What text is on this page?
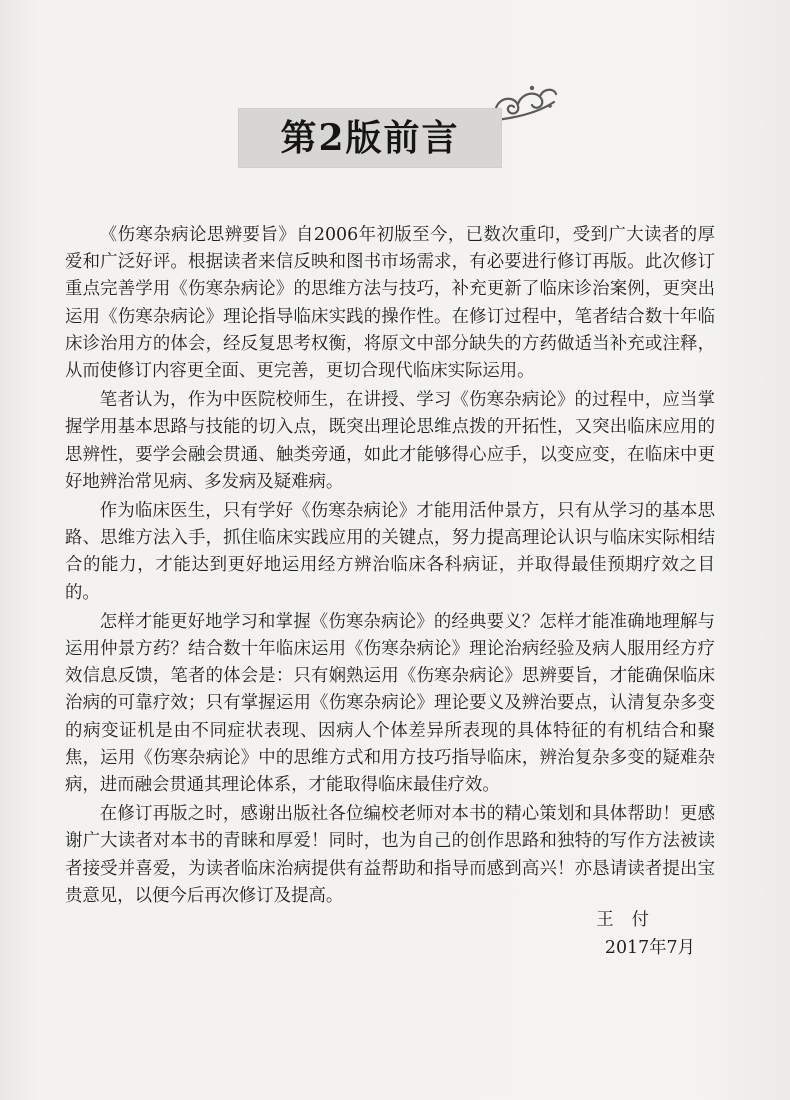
第2版前言

《伤寒杂病论思辨要旨》自2006年初版至今，已数次重印，受到广大读者的厚爱和广泛好评。根据读者来信反映和图书市场需求，有必要进行修订再版。此次修订重点完善学用《伤寒杂病论》的思维方法与技巧，补充更新了临床诊治案例，更突出运用《伤寒杂病论》理论指导临床实践的操作性。在修订过程中，笔者结合数十年临床诊治用方的体会，经反复思考权衡，将原文中部分缺失的方药做适当补充或注释，从而使修订内容更全面、更完善，更切合现代临床实际运用。

笔者认为，作为中医院校师生，在讲授、学习《伤寒杂病论》的过程中，应当掌握学用基本思路与技能的切入点，既突出理论思维点拨的开拓性，又突出临床应用的思辨性，要学会融会贯通、触类旁通，如此才能够得心应手，以变应变，在临床中更好地辨治常见病、多发病及疑难病。

作为临床医生，只有学好《伤寒杂病论》才能用活仲景方，只有从学习的基本思路、思维方法入手，抓住临床实践应用的关键点，努力提高理论认识与临床实际相结合的能力，才能达到更好地运用经方辨治临床各科病证，并取得最佳预期疗效之目的。

怎样才能更好地学习和掌握《伤寒杂病论》的经典要义？怎样才能准确地理解与运用仲景方药？结合数十年临床运用《伤寒杂病论》理论治病经验及病人服用经方疗效信息反馈，笔者的体会是：只有娴熟运用《伤寒杂病论》思辨要旨，才能确保临床治病的可靠疗效；只有掌握运用《伤寒杂病论》理论要义及辨治要点，认清复杂多变的病变证机是由不同症状表现、因病人个体差异所表现的具体特征的有机结合和聚焦，运用《伤寒杂病论》中的思维方式和用方技巧指导临床，辨治复杂多变的疑难杂病，进而融会贯通其理论体系，才能取得临床最佳疗效。

在修订再版之时，感谢出版社各位编校老师对本书的精心策划和具体帮助！更感谢广大读者对本书的青睐和厚爱！同时，也为自己的创作思路和独特的写作方法被读者接受并喜爱，为读者临床治病提供有益帮助和指导而感到高兴！亦恳请读者提出宝贵意见，以便今后再次修订及提高。

王付
2017年7月
